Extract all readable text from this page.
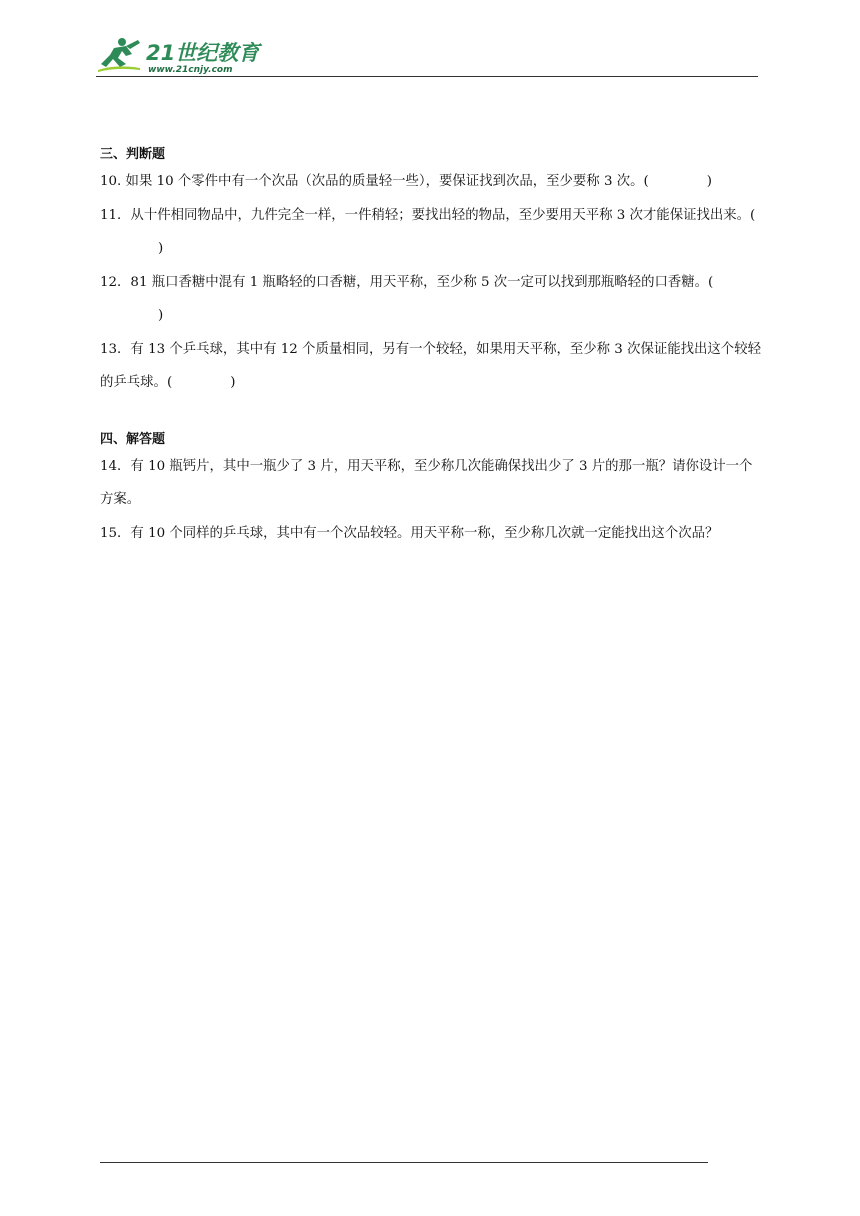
21世纪教育
www.21cnjy.com

三、判断题

10. 如果 10 个零件中有一个次品（次品的质量轻一些），要保证找到次品，至少要称 3 次。(	)

11．从十件相同物品中，九件完全一样，一件稍轻；要找出轻的物品，至少要用天平称 3 次才能保证找出来。()

12．81 瓶口香糖中混有 1 瓶略轻的口香糖，用天平称，至少称 5 次一定可以找到那瓶略轻的口香糖。()

13．有 13 个乒乓球，其中有 12 个质量相同，另有一个较轻，如果用天平称，至少称 3 次保证能找出这个较轻的乒乓球。(	)

四、解答题

14．有 10 瓶钙片，其中一瓶少了 3 片，用天平称，至少称几次能确保找出少了 3 片的那一瓶？请你设计一个方案。

15．有 10 个同样的乒乓球，其中有一个次品较轻。用天平称一称，至少称几次就一定能找出这个次品？
